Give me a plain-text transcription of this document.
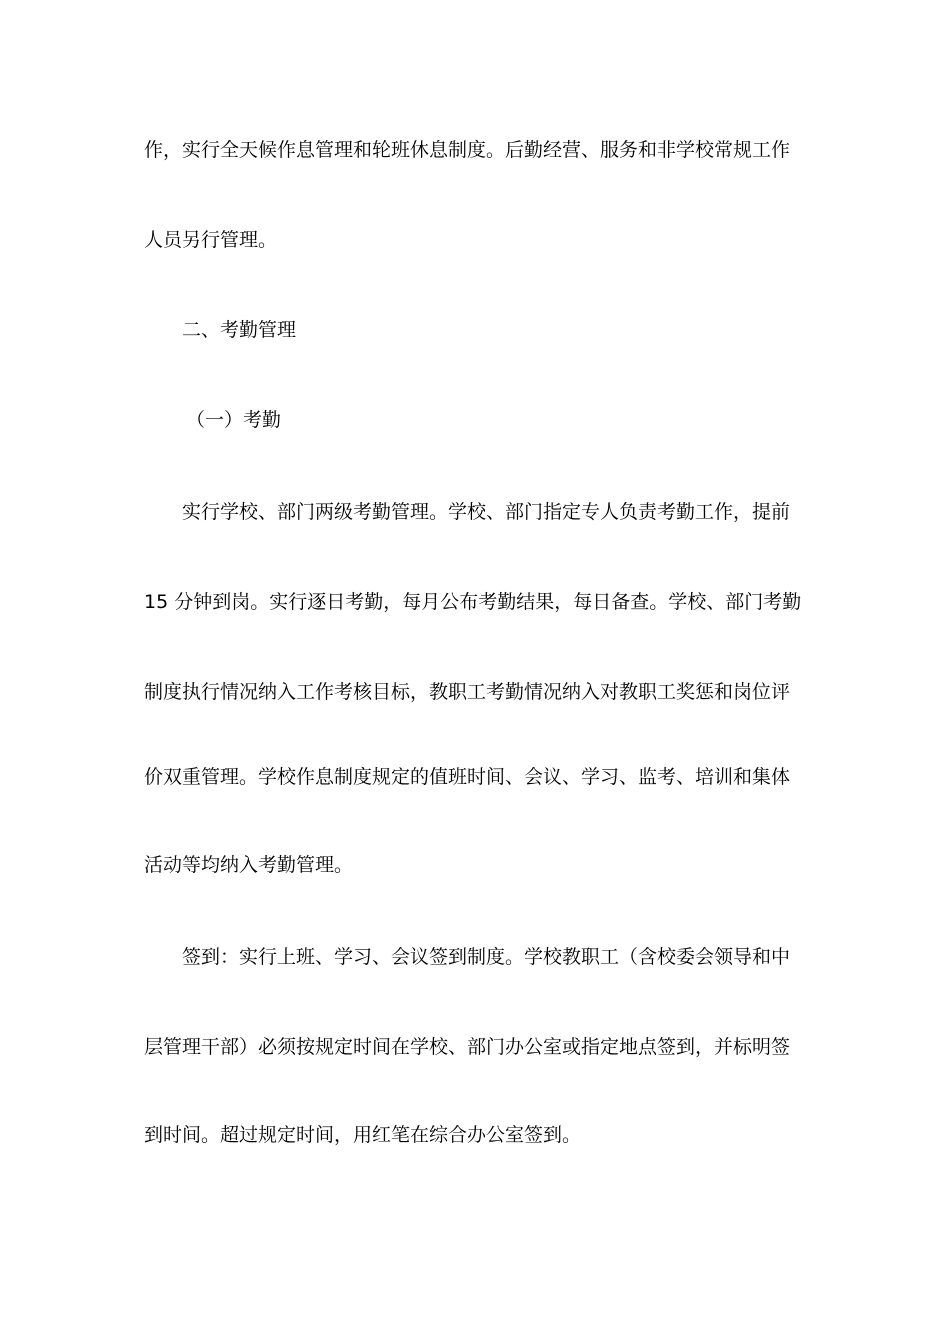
作，实行全天候作息管理和轮班休息制度。后勤经营、服务和非学校常规工作
人员另行管理。
二、考勤管理
（一）考勤
实行学校、部门两级考勤管理。学校、部门指定专人负责考勤工作，提前
15 分钟到岗。实行逐日考勤，每月公布考勤结果，每日备查。学校、部门考勤
制度执行情况纳入工作考核目标，教职工考勤情况纳入对教职工奖惩和岗位评
价双重管理。学校作息制度规定的值班时间、会议、学习、监考、培训和集体
活动等均纳入考勤管理。
签到：实行上班、学习、会议签到制度。学校教职工（含校委会领导和中
层管理干部）必须按规定时间在学校、部门办公室或指定地点签到，并标明签
到时间。超过规定时间，用红笔在综合办公室签到。
